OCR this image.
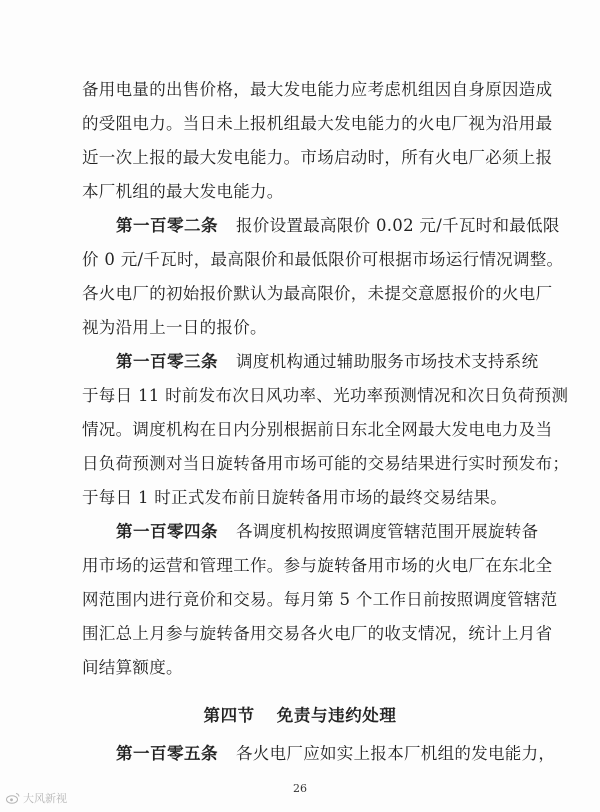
备用电量的出售价格，最大发电能力应考虑机组因自身原因造成
的受阻电力。当日未上报机组最大发电能力的火电厂视为沿用最
近一次上报的最大发电能力。市场启动时，所有火电厂必须上报
本厂机组的最大发电能力。
第一百零二条 报价设置最高限价 0.02 元/千瓦时和最低限
价 0 元/千瓦时，最高限价和最低限价可根据市场运行情况调整。
各火电厂的初始报价默认为最高限价，未提交意愿报价的火电厂
视为沿用上一日的报价。
第一百零三条 调度机构通过辅助服务市场技术支持系统
于每日 11 时前发布次日风功率、光功率预测情况和次日负荷预测
情况。调度机构在日内分别根据前日东北全网最大发电电力及当
日负荷预测对当日旋转备用市场可能的交易结果进行实时预发布；
于每日 1 时正式发布前日旋转备用市场的最终交易结果。
第一百零四条 各调度机构按照调度管辖范围开展旋转备
用市场的运营和管理工作。参与旋转备用市场的火电厂在东北全
网范围内进行竟价和交易。每月第 5 个工作日前按照调度管辖范
围汇总上月参与旋转备用交易各火电厂的收支情况，统计上月省
间结算额度。
第四节 免责与违约处理
第一百零五条 各火电厂应如实上报本厂机组的发电能力，
26
大风新视
